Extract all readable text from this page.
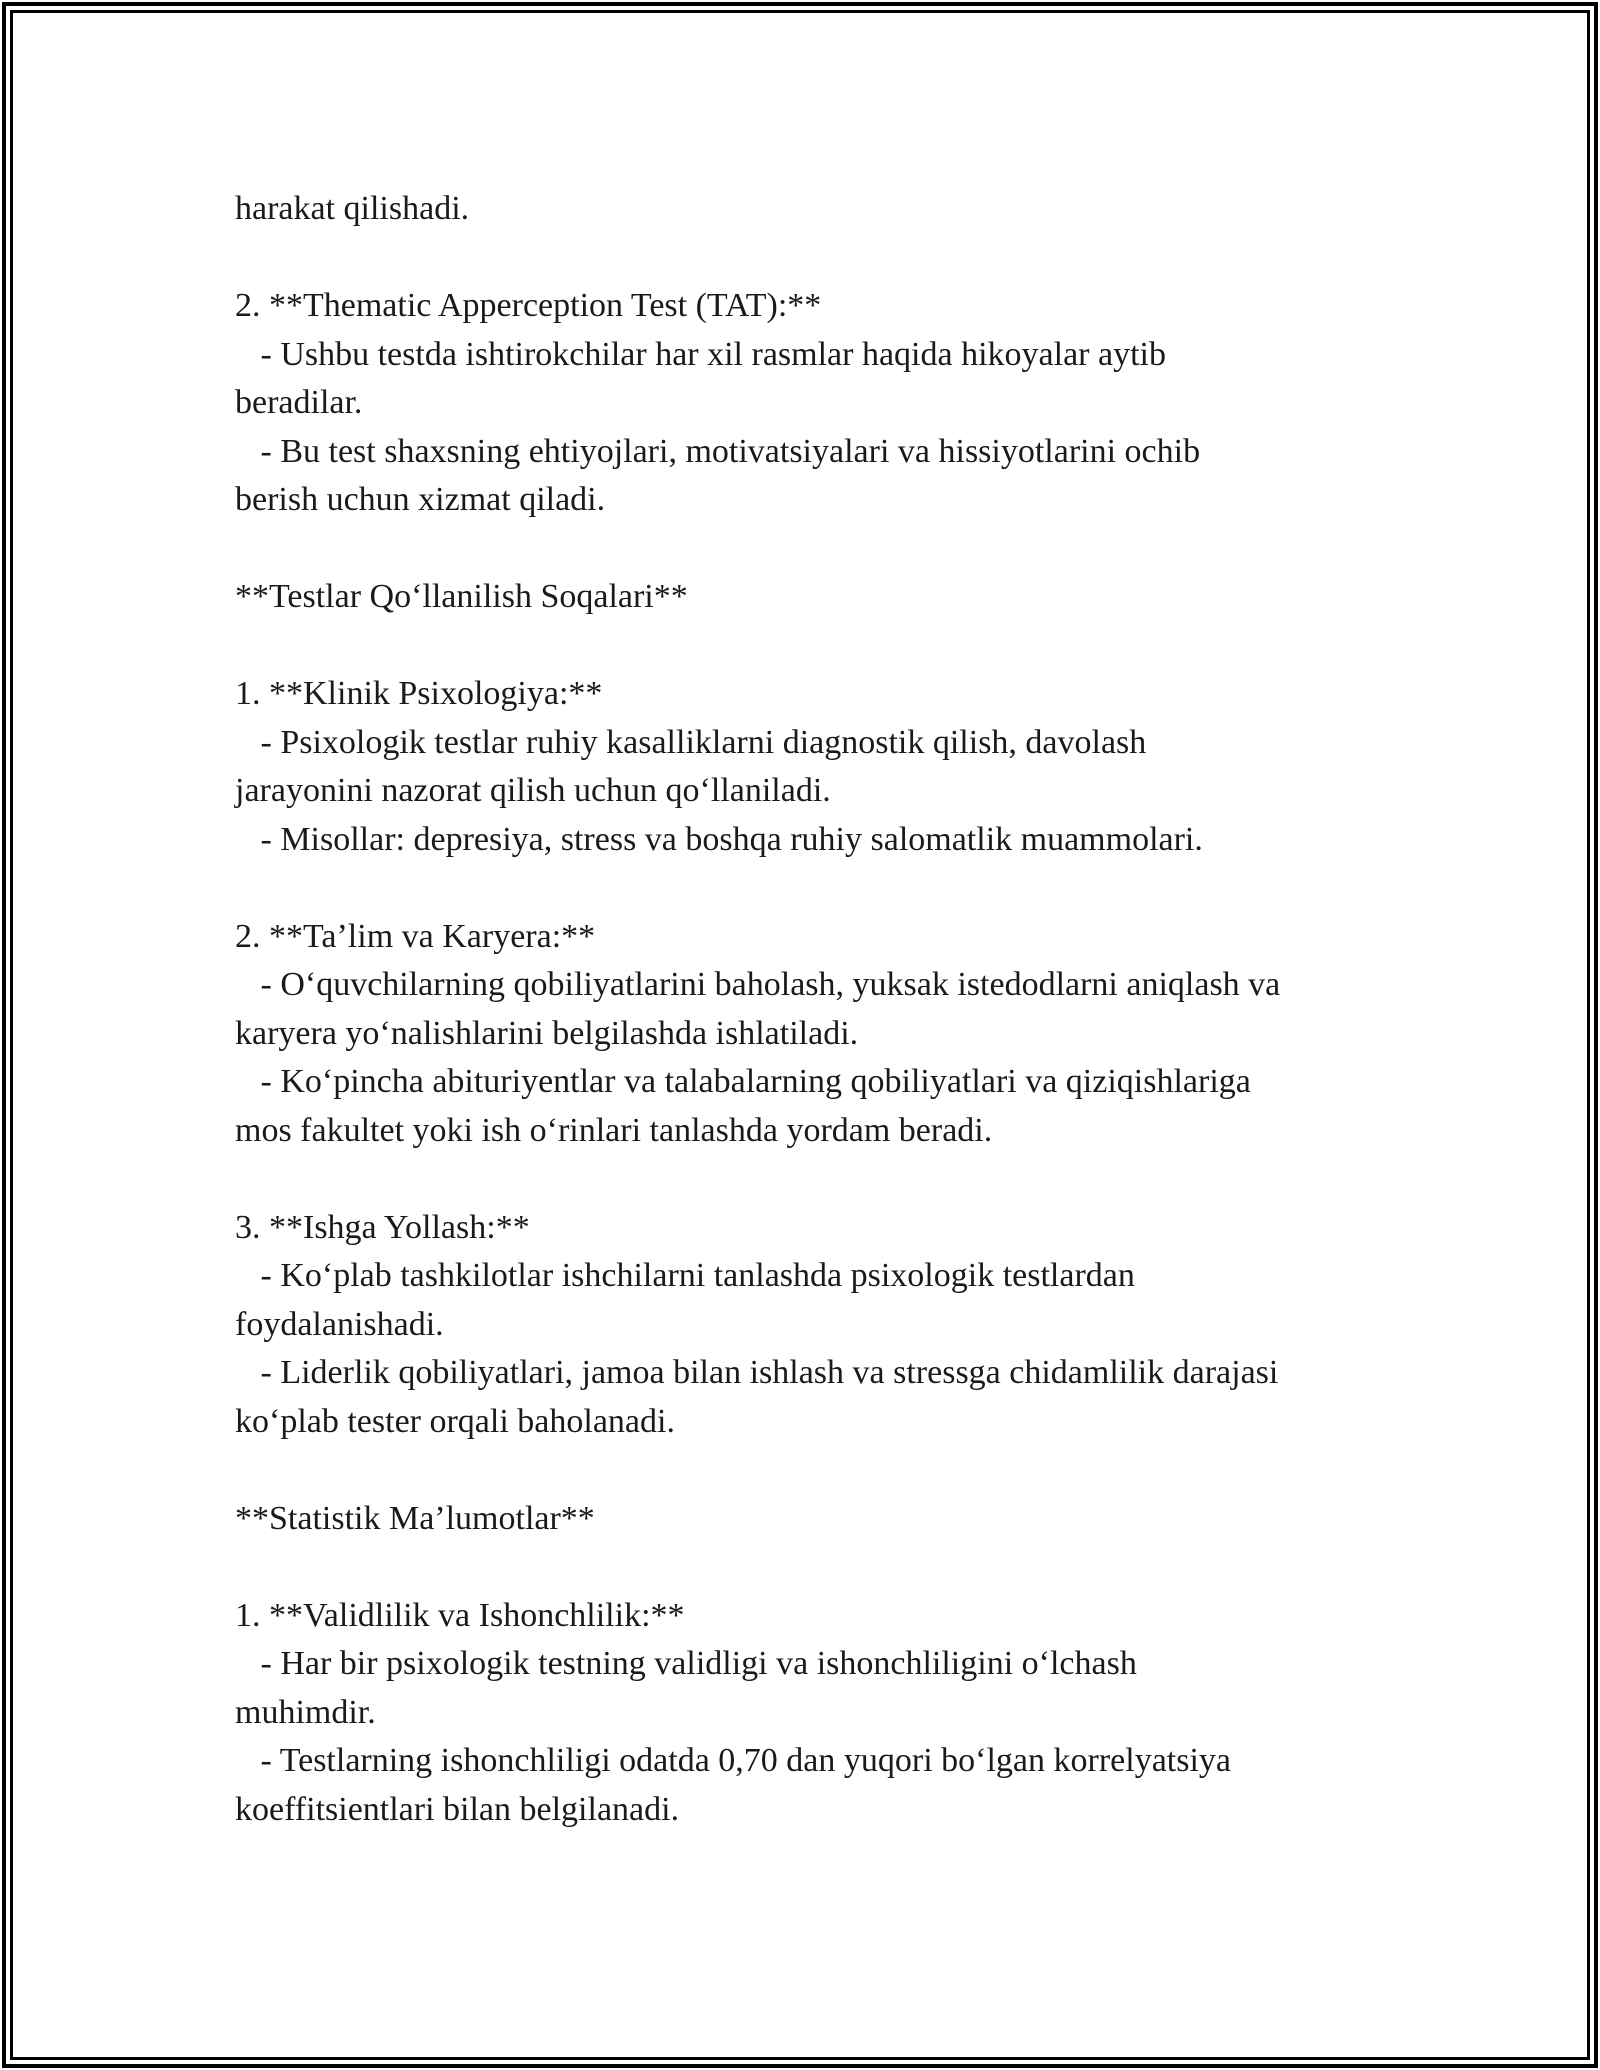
harakat qilishadi.

2. **Thematic Apperception Test (TAT):**

- Ushbu testda ishtirokchilar har xil rasmlar haqida hikoyalar aytib

beradilar.

- Bu test shaxsning ehtiyojlari, motivatsiyalari va hissiyotlarini ochib

berish uchun xizmat qiladi.

**Testlar Qo‘llanilish Soqalari**

1. **Klinik Psixologiya:**

- Psixologik testlar ruhiy kasalliklarni diagnostik qilish, davolash

jarayonini nazorat qilish uchun qo‘llaniladi.

- Misollar: depresiya, stress va boshqa ruhiy salomatlik muammolari.

2. **Ta’lim va Karyera:**

- O‘quvchilarning qobiliyatlarini baholash, yuksak istedodlarni aniqlash va

karyera yo‘nalishlarini belgilashda ishlatiladi.

- Ko‘pincha abituriyentlar va talabalarning qobiliyatlari va qiziqishlariga

mos fakultet yoki ish o‘rinlari tanlashda yordam beradi.

3. **Ishga Yollash:**

- Ko‘plab tashkilotlar ishchilarni tanlashda psixologik testlardan

foydalanishadi.

- Liderlik qobiliyatlari, jamoa bilan ishlash va stressga chidamlilik darajasi

ko‘plab tester orqali baholanadi.

**Statistik Ma’lumotlar**

1. **Validlilik va Ishonchlilik:**

- Har bir psixologik testning validligi va ishonchliligini o‘lchash

muhimdir.

- Testlarning ishonchliligi odatda 0,70 dan yuqori bo‘lgan korrelyatsiya

koeffitsientlari bilan belgilanadi.
